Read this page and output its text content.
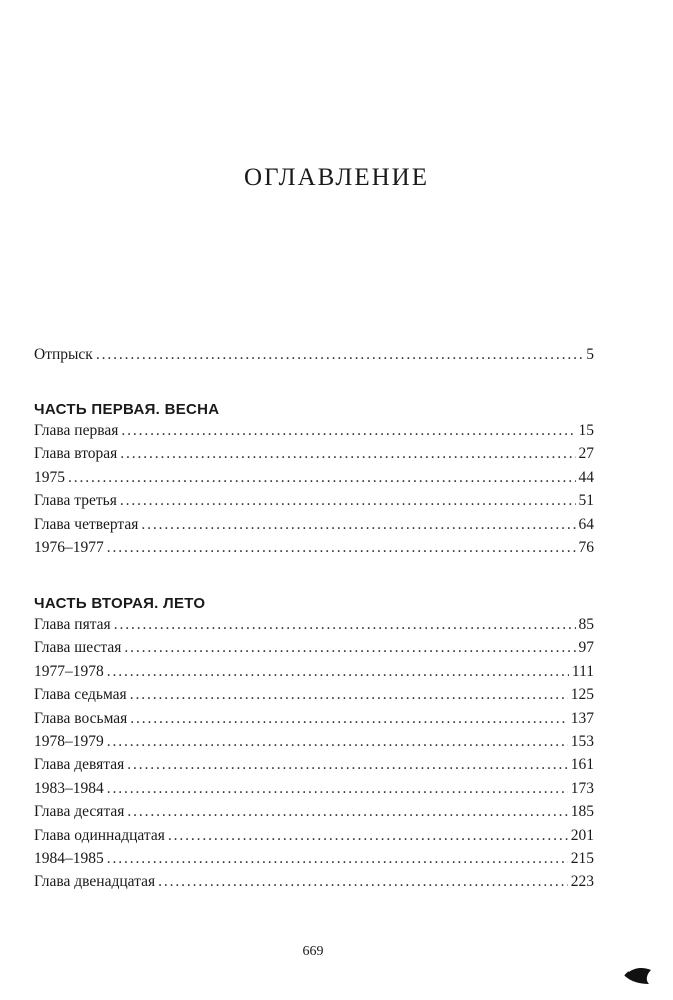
ОГЛАВЛЕНИЕ
Отпрыск . . .	5
ЧАСТЬ ПЕРВАЯ. ВЕСНА
Глава первая . . .	15
Глава вторая . . .	27
1975 . . .	44
Глава третья . . .	51
Глава четвертая . . .	64
1976–1977 . . .	76
ЧАСТЬ ВТОРАЯ. ЛЕТО
Глава пятая . . .	85
Глава шестая . . .	97
1977–1978 . . .	111
Глава седьмая . . .	125
Глава восьмая . . .	137
1978–1979 . . .	153
Глава девятая . . .	161
1983–1984 . . .	173
Глава десятая . . .	185
Глава одиннадцатая . . .	201
1984–1985 . . .	215
Глава двенадцатая . . .	223
669
